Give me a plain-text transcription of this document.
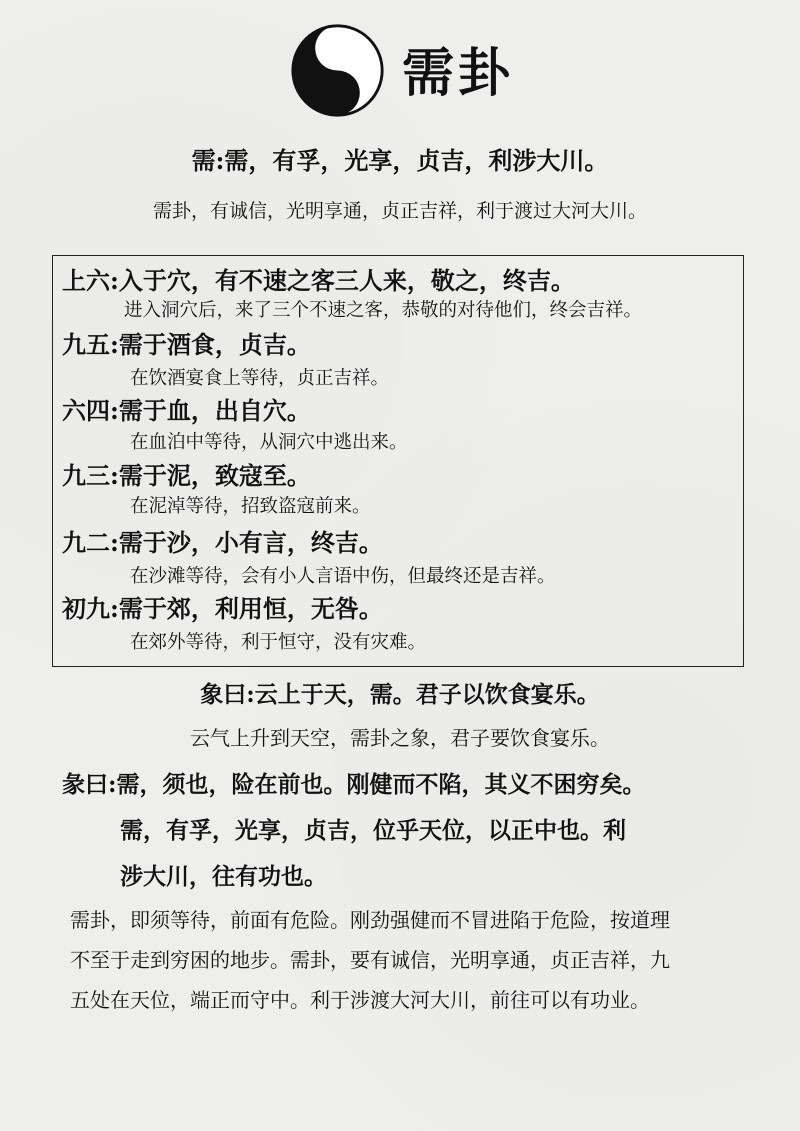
需卦
需:需，有孚，光享，贞吉，利涉大川。
需卦，有诚信，光明享通，贞正吉祥，利于渡过大河大川。
上六:入于穴，有不速之客三人来，敬之，终吉。
进入洞穴后，来了三个不速之客，恭敬的对待他们，终会吉祥。
九五:需于酒食，贞吉。
在饮酒宴食上等待，贞正吉祥。
六四:需于血，出自穴。
在血泊中等待，从洞穴中逃出来。
九三:需于泥，致寇至。
在泥淖等待，招致盗寇前来。
九二:需于沙，小有言，终吉。
在沙滩等待，会有小人言语中伤，但最终还是吉祥。
初九:需于郊，利用恒，无咎。
在郊外等待，利于恒守，没有灾难。
象曰:云上于天，需。君子以饮食宴乐。
云气上升到天空，需卦之象，君子要饮食宴乐。
彖曰:需，须也，险在前也。刚健而不陷，其义不困穷矣。
需，有孚，光享，贞吉，位乎天位，以正中也。利
涉大川，往有功也。
需卦，即须等待，前面有危险。刚劲强健而不冒进陷于危险，按道理
不至于走到穷困的地步。需卦，要有诚信，光明享通，贞正吉祥，九
五处在天位，端正而守中。利于涉渡大河大川，前往可以有功业。
